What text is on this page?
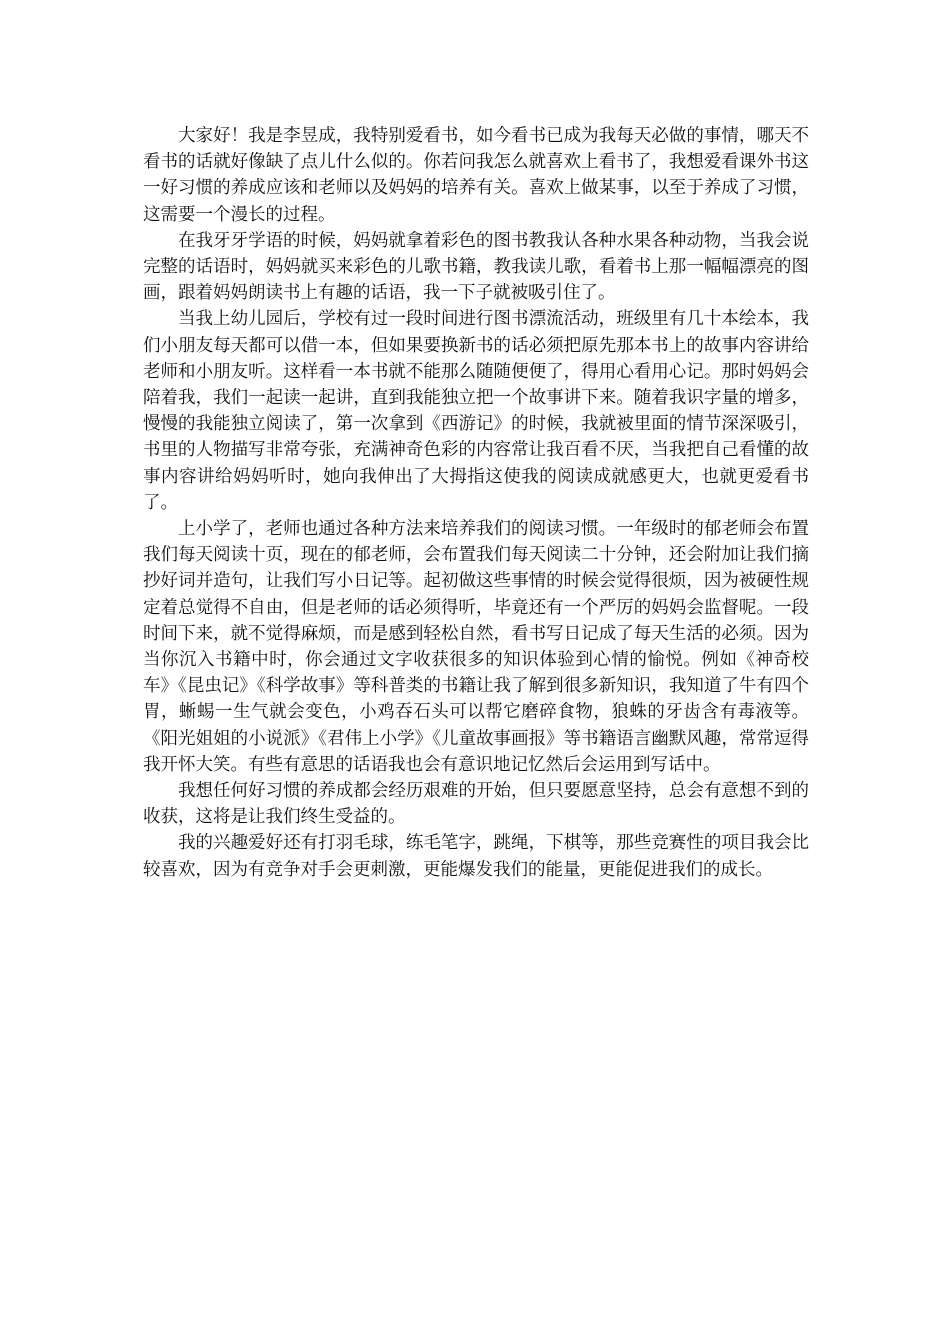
大家好！我是李昱成，我特别爱看书，如今看书已成为我每天必做的事情，哪天不看书的话就好像缺了点儿什么似的。你若问我怎么就喜欢上看书了，我想爱看课外书这一好习惯的养成应该和老师以及妈妈的培养有关。喜欢上做某事，以至于养成了习惯，这需要一个漫长的过程。

在我牙牙学语的时候，妈妈就拿着彩色的图书教我认各种水果各种动物，当我会说完整的话语时，妈妈就买来彩色的儿歌书籍，教我读儿歌，看着书上那一幅幅漂亮的图画，跟着妈妈朗读书上有趣的话语，我一下子就被吸引住了。

当我上幼儿园后，学校有过一段时间进行图书漂流活动，班级里有几十本绘本，我们小朋友每天都可以借一本，但如果要换新书的话必须把原先那本书上的故事内容讲给老师和小朋友听。这样看一本书就不能那么随随便便了，得用心看用心记。那时妈妈会陪着我，我们一起读一起讲，直到我能独立把一个故事讲下来。随着我识字量的增多，慢慢的我能独立阅读了，第一次拿到《西游记》的时候，我就被里面的情节深深吸引，书里的人物描写非常夸张，充满神奇色彩的内容常让我百看不厌，当我把自己看懂的故事内容讲给妈妈听时，她向我伸出了大拇指这使我的阅读成就感更大，也就更爱看书了。

上小学了，老师也通过各种方法来培养我们的阅读习惯。一年级时的郁老师会布置我们每天阅读十页，现在的郁老师，会布置我们每天阅读二十分钟，还会附加让我们摘抄好词并造句，让我们写小日记等。起初做这些事情的时候会觉得很烦，因为被硬性规定着总觉得不自由，但是老师的话必须得听，毕竟还有一个严厉的妈妈会监督呢。一段时间下来，就不觉得麻烦，而是感到轻松自然，看书写日记成了每天生活的必须。因为当你沉入书籍中时，你会通过文字收获很多的知识体验到心情的愉悦。例如《神奇校车》《昆虫记》《科学故事》等科普类的书籍让我了解到很多新知识，我知道了牛有四个胃，蜥蜴一生气就会变色，小鸡吞石头可以帮它磨碎食物，狼蛛的牙齿含有毒液等。《阳光姐姐的小说派》《君伟上小学》《儿童故事画报》等书籍语言幽默风趣，常常逗得我开怀大笑。有些有意思的话语我也会有意识地记忆然后会运用到写话中。

我想任何好习惯的养成都会经历艰难的开始，但只要愿意坚持，总会有意想不到的收获，这将是让我们终生受益的。

我的兴趣爱好还有打羽毛球，练毛笔字，跳绳，下棋等，那些竞赛性的项目我会比较喜欢，因为有竞争对手会更刺激，更能爆发我们的能量，更能促进我们的成长。
